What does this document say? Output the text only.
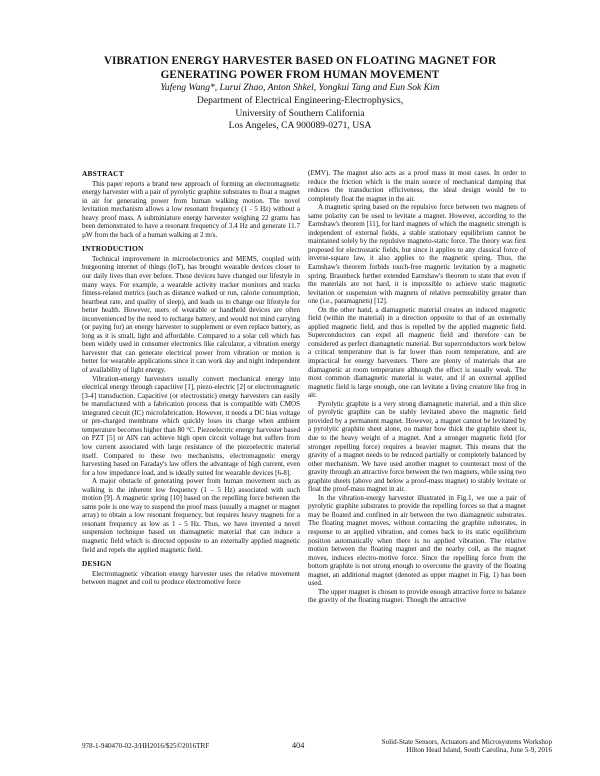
VIBRATION ENERGY HARVESTER BASED ON FLOATING MAGNET FOR
GENERATING POWER FROM HUMAN MOVEMENT
Yufeng Wang*, Lurui Zhao, Anton Shkel, Yongkui Tang and Eun Sok Kim
Department of Electrical Engineering-Electrophysics,
University of Southern California
Los Angeles, CA 900089-0271, USA
ABSTRACT

This paper reports a brand new approach of forming an electromagnetic energy harvester with a pair of pyrolytic graphite substrates to float a magnet in air for generating power from human walking motion. The novel levitation mechanism allows a low resonant frequency (1 - 5 Hz) without a heavy proof mass. A subminiature energy harvester weighing 22 grams has been demonstrated to have a resonant frequency of 3.4 Hz and generate 11.7 µW from the back of a human walking at 2 m/s.

INTRODUCTION

Technical improvement in microelectronics and MEMS, coupled with burgeoning internet of things (IoT), has brought wearable devices closer to our daily lives than ever before. These devices have changed our lifestyle in many ways. For example, a wearable activity tracker monitors and tracks fitness-related metrics (such as distance walked or run, calorie consumption, heartbeat rate, and quality of sleep), and leads us to change our lifestyle for better health. However, users of wearable or handheld devices are often inconvenienced by the need to recharge battery, and would not mind carrying (or paying for) an energy harvester to supplement or even replace battery, as long as it is small, light and affordable. Compared to a solar cell which has been widely used in consumer electronics like calculator, a vibration energy harvester that can generate electrical power from vibration or motion is better for wearable applications since it can work day and night independent of availability of light energy.

Vibration-energy harvesters usually convert mechanical energy into electrical energy through capacitive [1], piezo-electric [2] or electromagnetic [3-4] transduction. Capacitive (or electrostatic) energy harvesters can easily be manufactured with a fabrication process that is compatible with CMOS integrated circuit (IC) microfabrication. However, it needs a DC bias voltage or pre-charged membrane which quickly loses its charge when ambient temperature becomes higher than 80 °C. Piezoelectric energy harvester based on PZT [5] or AlN can achieve high open circuit voltage but suffers from low current associated with large resistance of the piezoelectric material itself. Compared to these two mechanisms, electromagnetic energy harvesting based on Faraday's law offers the advantage of high current, even for a low impedance load, and is ideally suited for wearable devices [6-8].

A major obstacle of generating power from human movement such as walking is the inherent low frequency (1 – 5 Hz) associated with such motion [9]. A magnetic spring [10] based on the repelling force between the same pole is one way to suspend the proof mass (usually a magnet or magnet array) to obtain a low resonant frequency, but requires heavy magnets for a resonant frequency as low as 1 - 5 Hz. Thus, we have invented a novel suspension technique based on diamagnetic material that can induce a magnetic field which is directed opposite to an externally applied magnetic field and repels the applied magnetic field.

DESIGN

Electromagnetic vibration energy harvester uses the relative movement between magnet and coil to produce electromotive force

(EMV). The magnet also acts as a proof mass in most cases. In order to reduce the friction which is the main source of mechanical damping that reduces the transduction efficiveness, the ideal design would be to completely float the magnet in the air.

A magnetic spring based on the repulsive force between two magnets of same polarity can be used to levitate a magnet. However, according to the Earnshaw's theorem [11], for hard magnets of which the magnetic strength is independent of external fields, a stable stationary equilibrium cannot be maintained solely by the repulsive magneto-static force. The theory was first proposed for electrostatic fields, but since it applies to any classical force of inverse-square law, it also applies to the magnetic spring. Thus, the Earnshaw's theorem forbids touch-free magnetic levitation by a magnetic spring. Braunbeck further extended Earnshaw's theorem to state that even if the materials are not hard, it is impossible to achieve static magnetic levitation or suspension with magnets of relative permeability greater than one (i.e., paramagnets) [12].

On the other hand, a diamagnetic material creates an induced magnetic field (within the material) in a direction opposite to that of an externally applied magnetic field, and thus is repelled by the applied magnetic field. Superconductors can expel all magnetic field and therefore can be considered as perfect diamagnetic material. But superconductors work below a critical temperature that is far lower than room temperature, and are impractical for energy harvesters. There are plenty of materials that are diamagnetic at room temperature although the effect is usually weak. The most common diamagnetic material is water, and if an external applied magnetic field is large enough, one can levitate a living creature like frog in air.

Pyrolytic graphite is a very strong diamagnetic material, and a thin slice of pyrolytic graphite can be stably levitated above the magnetic field provided by a permanent magnet. However, a magnet cannot be levitated by a pyrolytic graphite sheet alone, no matter how thick the graphite sheet is, due to the heavy weight of a magnet. And a stronger magnetic field (for stronger repelling force) requires a heavier magnet. This means that the gravity of a magnet needs to be reduced partially or completely balanced by other mechanism. We have used another magnet to counteract most of the gravity through an attractive force between the two magnets, while using two graphite sheets (above and below a proof-mass magnet) to stably levitate or float the proof-mass magnet in air.

In the vibration-energy harvester illustrated in Fig.1, we use a pair of pyrolytic graphite substrates to provide the repelling forces so that a magnet may be floated and confined in air between the two diamagnetic substrates. The floating magnet moves, without contacting the graphite substrates, in response to an applied vibration, and comes back to its static equilibrium position automatically when there is no applied vibration. The relative motion between the floating magnet and the nearby coil, as the magnet moves, induces electro-motive force. Since the repelling force from the bottom graphite is not strong enough to overcome the gravity of the floating magnet, an additional magnet (denoted as upper magnet in Fig. 1) has been used.

The upper magnet is chosen to provide enough attractive force to balance the gravity of the floating magnet. Though the attractive

978-1-940470-02-3/HH2016/$25©2016TRF	404	Solid-State Sensors, Actuators and Microsystems Workshop
Hilton Head Island, South Carolina, June 5-9, 2016
